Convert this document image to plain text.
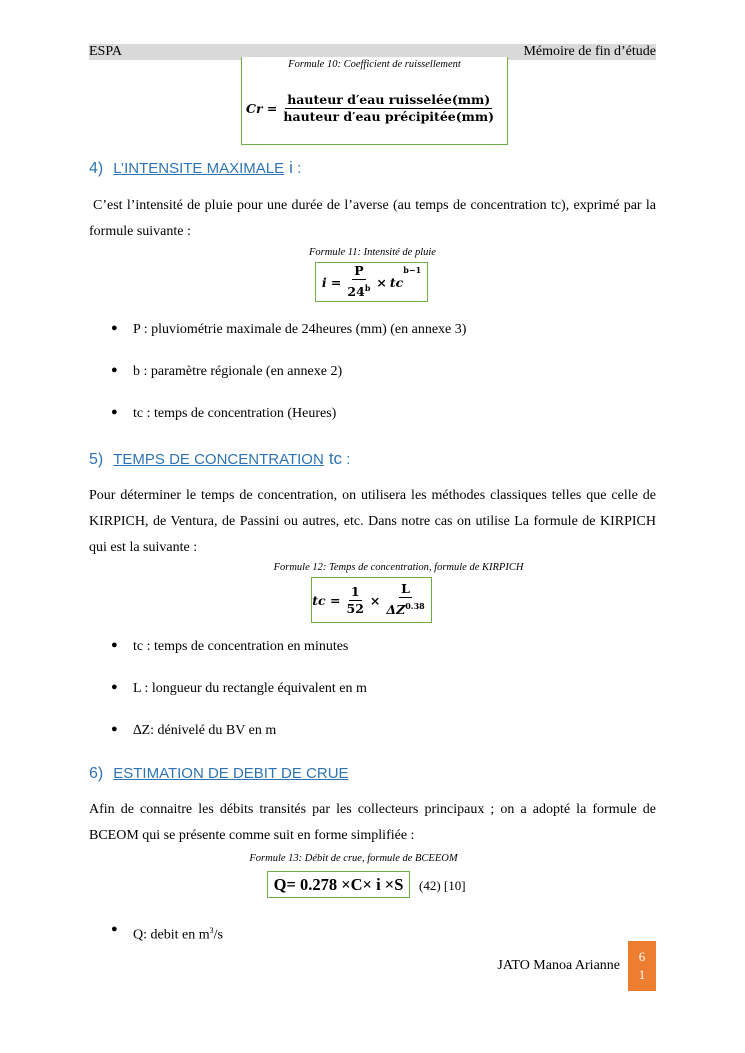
ESPA	Mémoire de fin d’étude
Formule 10: Coefficient de ruissellement
$Cr = \frac{\text{hauteur d′eau ruisselée(mm)}}{\text{hauteur d′eau précipitée(mm)}}$
4) L’INTENSITE MAXIMALE i :
C’est l’intensité de pluie pour une durée de l’averse (au temps de concentration tc), exprimé par la formule suivante :
Formule 11: Intensité de pluie
$i = \frac{P}{24^b}$ × tc
$^{b-1}$
● P : pluviométrie maximale de 24heures (mm) (en annexe 3)
● b : paramètre régionale (en annexe 2)
● tc : temps de concentration (Heures)
5) TEMPS DE CONCENTRATION tc :
Pour déterminer le temps de concentration, on utilisera les méthodes classiques telles que celle de KIRPICH, de Ventura, de Passini ou autres, etc. Dans notre cas on utilise La formule de KIRPICH qui est la suivante :
Formule 12: Temps de concentration, formule de KIRPICH
tc = $\frac{1}{52} \times \frac{L}{\Delta Z^{0.38}}$
● tc : temps de concentration en minutes
● L : longueur du rectangle équivalent en m
● ∆Z: dénivelé du BV en m
6) ESTIMATION DE DEBIT DE CRUE
Afin de connaitre les débits transités par les collecteurs principaux ; on a adopté la formule de BCEOM qui se présente comme suit en forme simplifiée :
Formule 13: Débit de crue, formule de BCEEOM
Q= 0.278 ×C× i ×S (42) [10]
● Q: debit en $m^3/s$
JATO Manoa Arianne
6
1
